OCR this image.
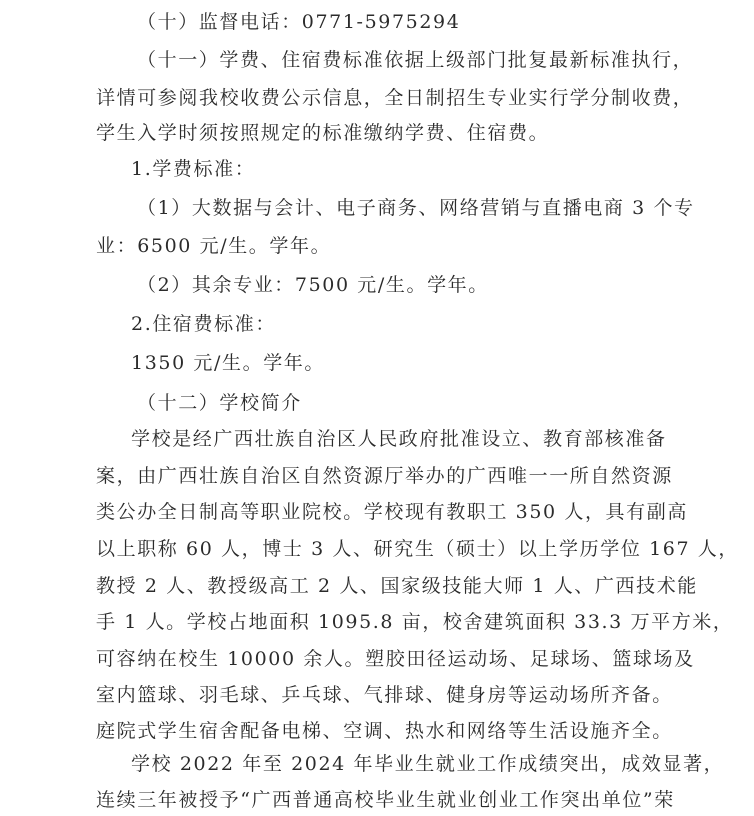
（十）监督电话：0771-5975294
（十一）学费、住宿费标准依据上级部门批复最新标准执行，
详情可参阅我校收费公示信息，全日制招生专业实行学分制收费，
学生入学时须按照规定的标准缴纳学费、住宿费。
1.学费标准：
（1）大数据与会计、电子商务、网络营销与直播电商 3 个专
业：6500 元/生。学年。
（2）其余专业：7500 元/生。学年。
2.住宿费标准：
1350 元/生。学年。
（十二）学校简介
学校是经广西壮族自治区人民政府批准设立、教育部核准备
案，由广西壮族自治区自然资源厅举办的广西唯一一所自然资源
类公办全日制高等职业院校。学校现有教职工 350 人，具有副高
以上职称 60 人，博士 3 人、研究生（硕士）以上学历学位 167 人，
教授 2 人、教授级高工 2 人、国家级技能大师 1 人、广西技术能
手 1 人。学校占地面积 1095.8 亩，校舍建筑面积 33.3 万平方米，
可容纳在校生 10000 余人。塑胶田径运动场、足球场、篮球场及
室内篮球、羽毛球、乒乓球、气排球、健身房等运动场所齐备。
庭院式学生宿舍配备电梯、空调、热水和网络等生活设施齐全。
学校 2022 年至 2024 年毕业生就业工作成绩突出，成效显著，
连续三年被授予“广西普通高校毕业生就业创业工作突出单位”荣
